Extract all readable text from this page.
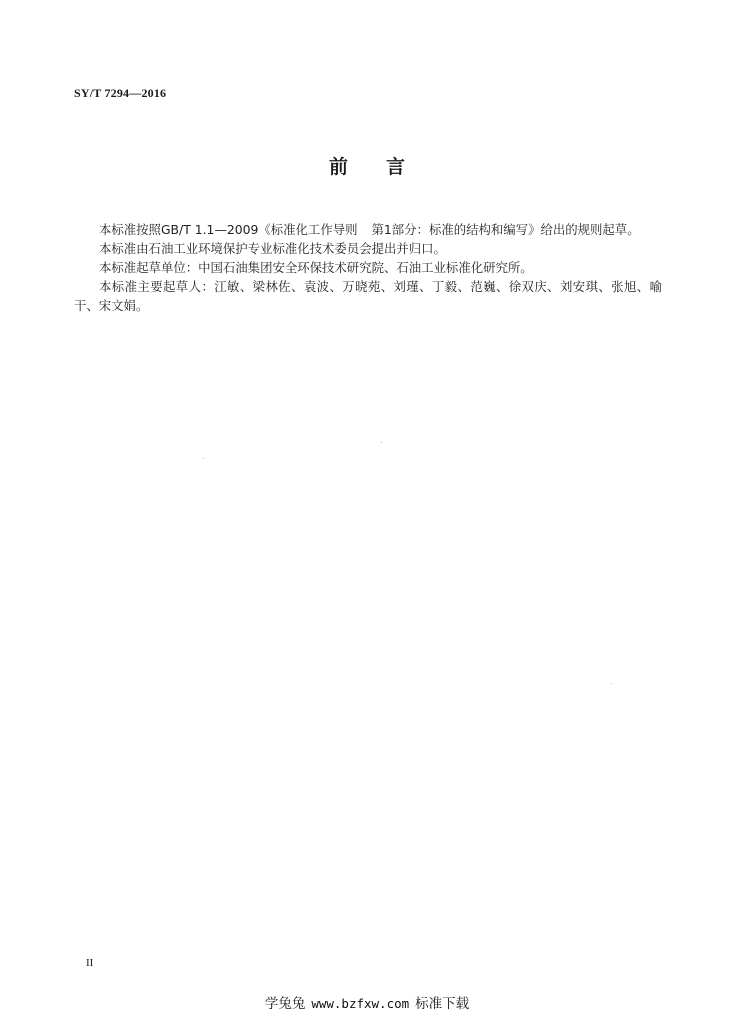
SY/T 7294—2016
前 言

本标准按照GB/T 1.1—2009《标准化工作导则 第1部分：标准的结构和编写》给出的规则起草。

本标准由石油工业环境保护专业标准化技术委员会提出并归口。

本标准起草单位：中国石油集团安全环保技术研究院、石油工业标准化研究所。

本标准主要起草人：江敏、梁林佐、袁波、万晓苑、刘瑾、丁毅、范巍、徐双庆、刘安琪、张旭、喻干、宋文娟。

II
学兔兔 www.bzfxw.com 标准下载
